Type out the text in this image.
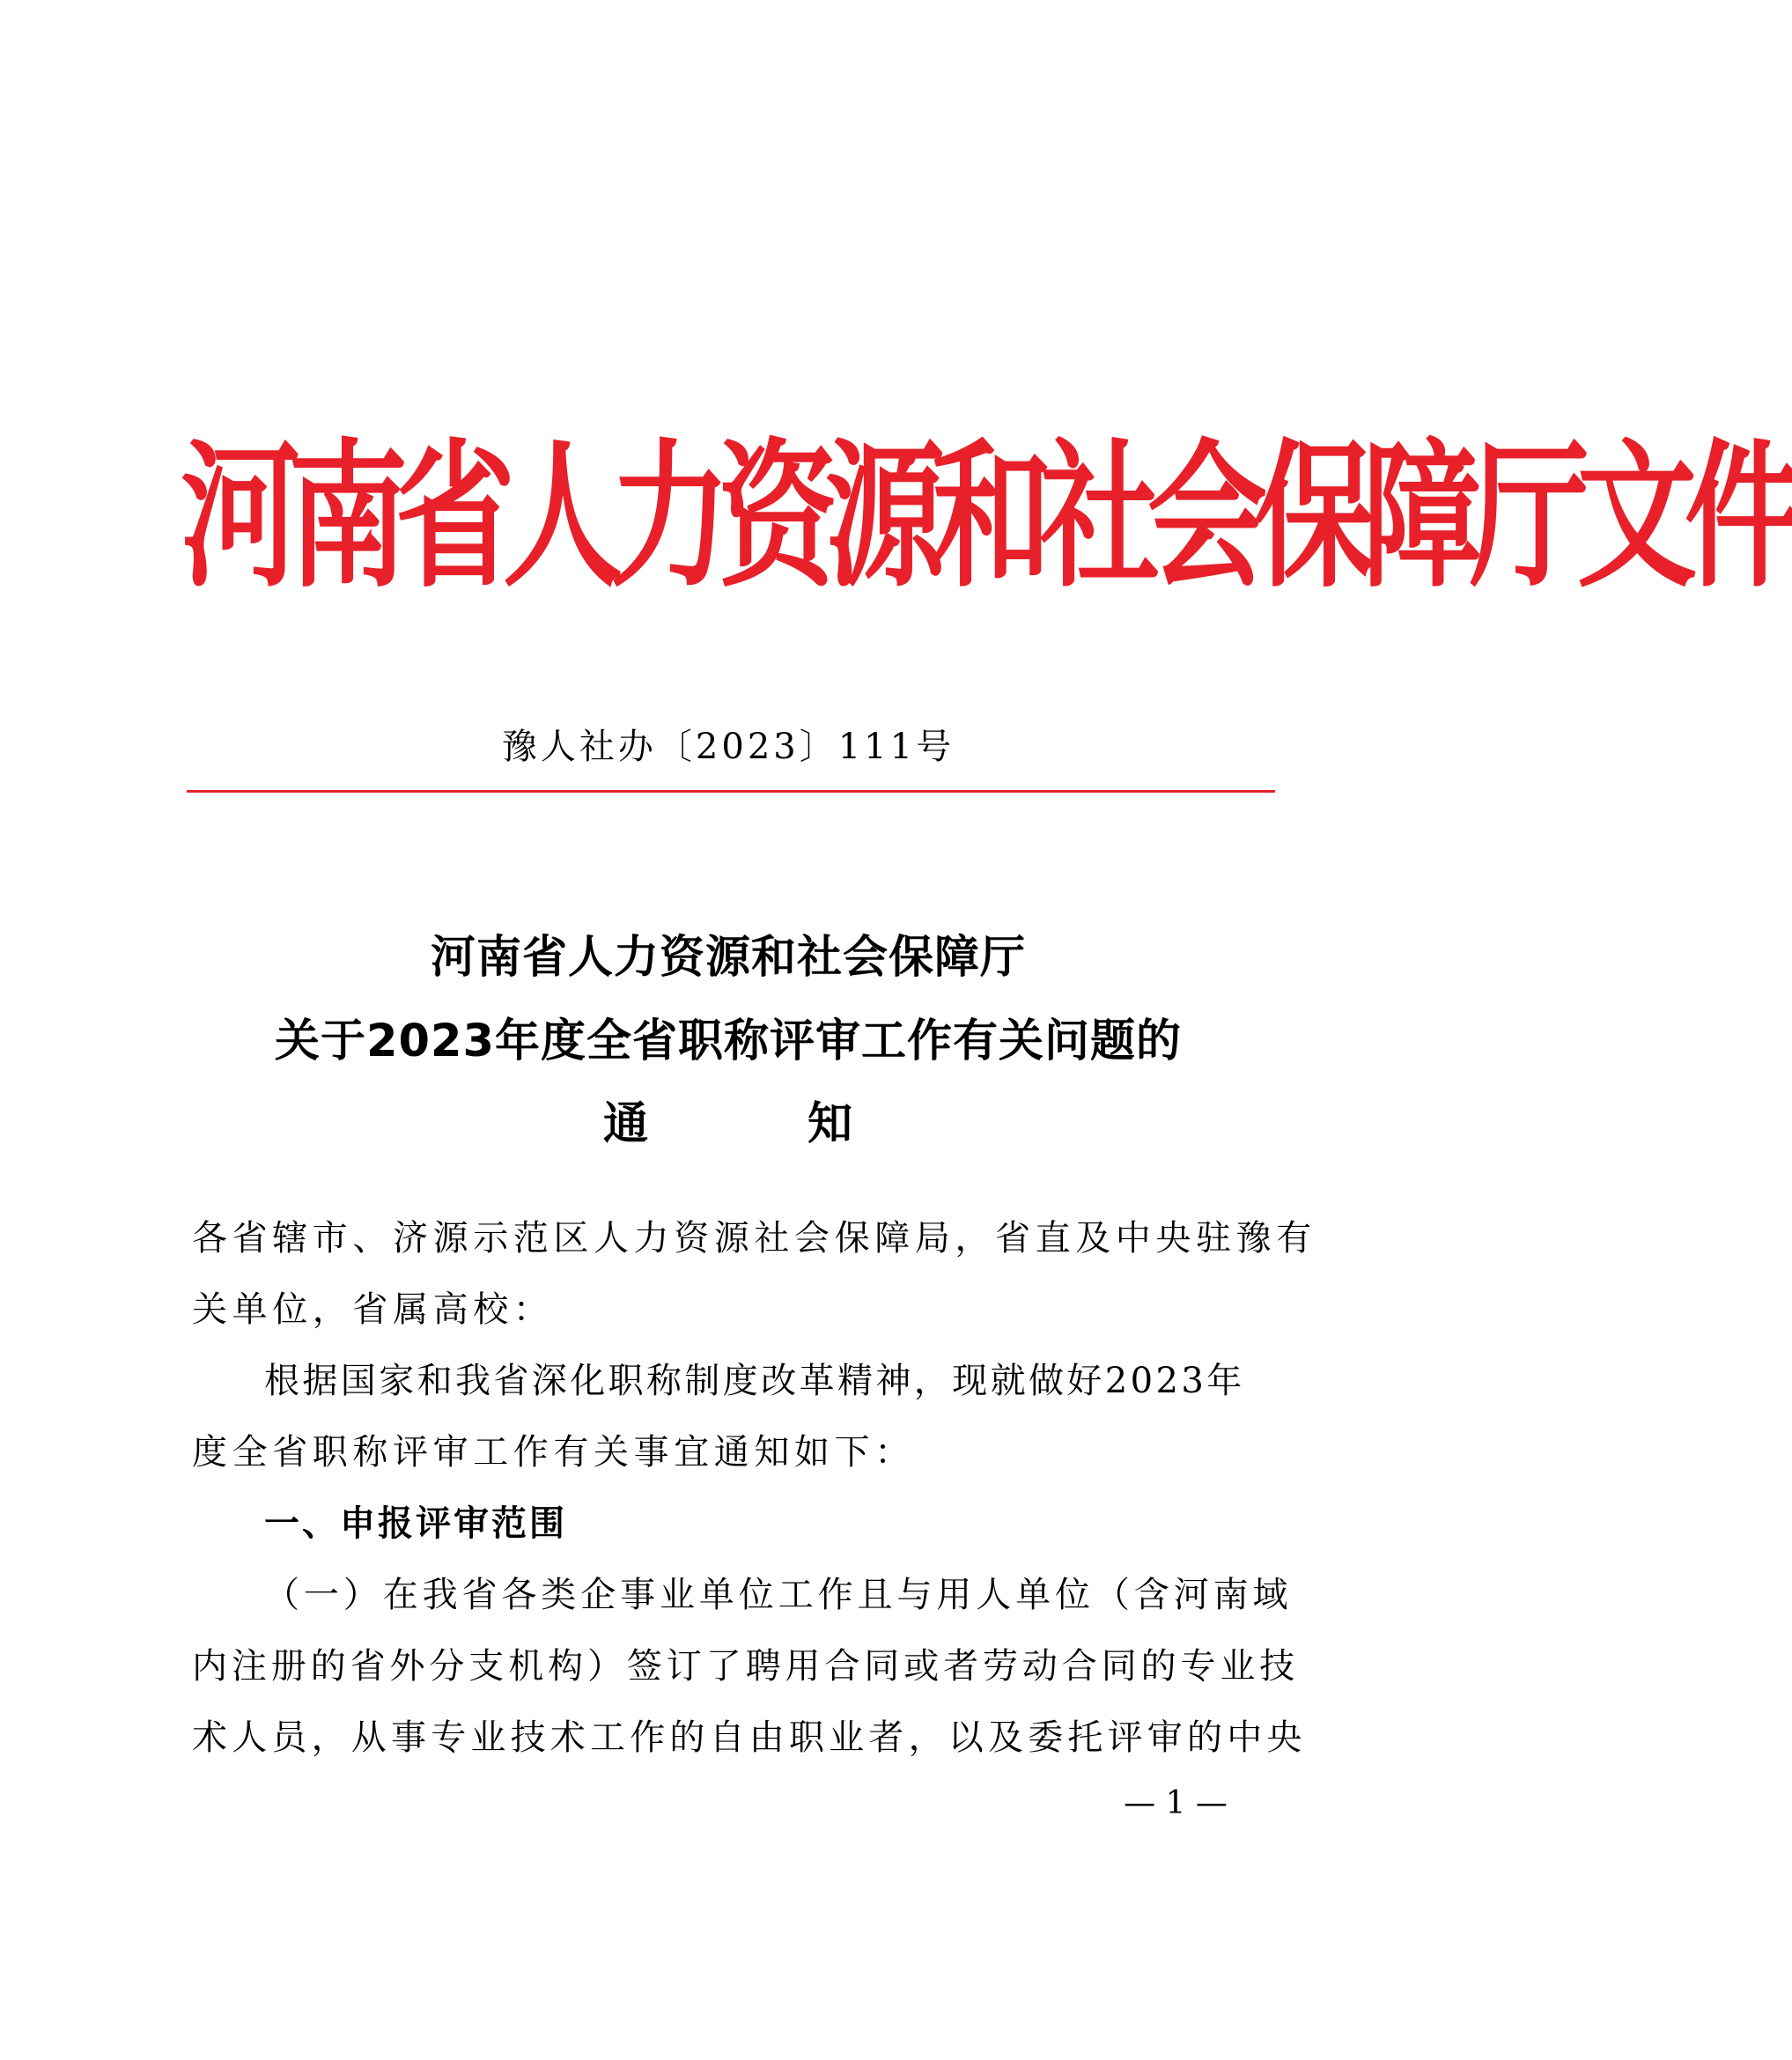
河南省人力资源和社会保障厅文件
豫人社办〔2023〕111号
河南省人力资源和社会保障厅
关于2023年度全省职称评审工作有关问题的
通	知
各省辖市、济源示范区人力资源社会保障局，省直及中央驻豫有
关单位，省属高校：
根据国家和我省深化职称制度改革精神，现就做好2023年
度全省职称评审工作有关事宜通知如下：
一、申报评审范围
（一）在我省各类企事业单位工作且与用人单位（含河南域
内注册的省外分支机构）签订了聘用合同或者劳动合同的专业技
术人员，从事专业技术工作的自由职业者，以及委托评审的中央
— 1 —
